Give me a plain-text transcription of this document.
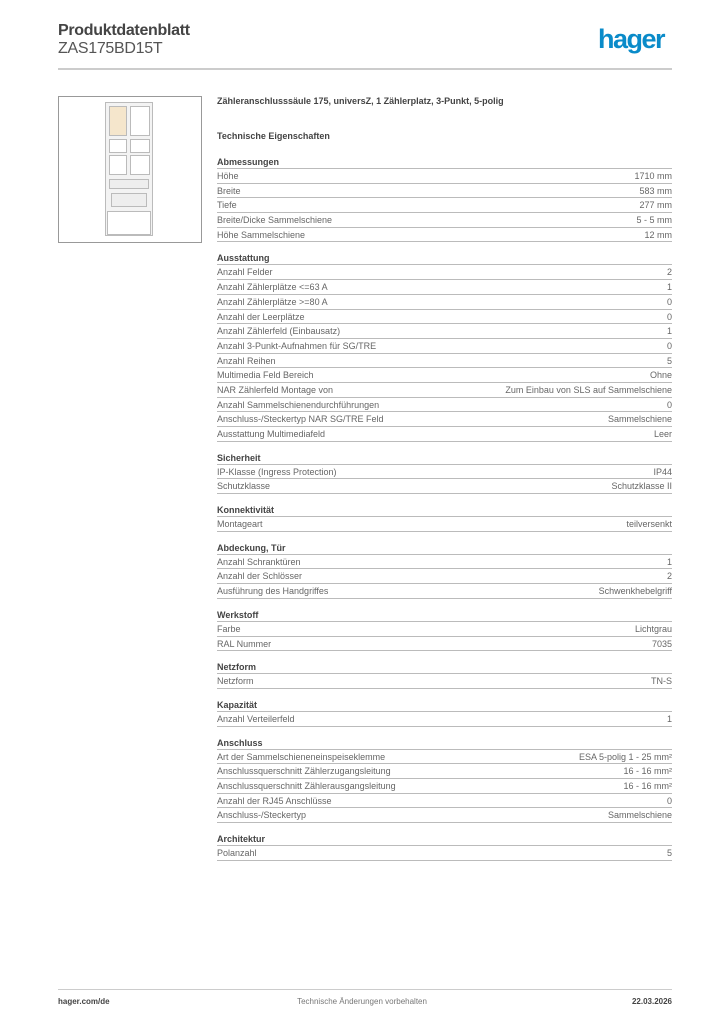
Produktdatenblatt
ZAS175BD15T	hager
Zähleranschlusssäule 175, universZ, 1 Zählerplatz, 3-Punkt, 5-polig
Technische Eigenschaften
Abmessungen
Höhe	1710 mm
Breite	583 mm
Tiefe	277 mm
Breite/Dicke Sammelschiene	5 - 5 mm
Höhe Sammelschiene	12 mm
Ausstattung
Anzahl Felder	2
Anzahl Zählerplätze <=63 A	1
Anzahl Zählerplätze >=80 A	0
Anzahl der Leerplätze	0
Anzahl Zählerfeld (Einbausatz)	1
Anzahl 3-Punkt-Aufnahmen für SG/TRE	0
Anzahl Reihen	5
Multimedia Feld Bereich	Ohne
NAR Zählerfeld Montage von	Zum Einbau von SLS auf Sammelschiene
Anzahl Sammelschienendurchführungen	0
Anschluss-/Steckertyp NAR SG/TRE Feld	Sammelschiene
Ausstattung Multimediafeld	Leer
Sicherheit
IP-Klasse (Ingress Protection)	IP44
Schutzklasse	Schutzklasse II
Konnektivität
Montageart	teilversenkt
Abdeckung, Tür
Anzahl Schranktüren	1
Anzahl der Schlösser	2
Ausführung des Handgriffes	Schwenkhebelgriff
Werkstoff
Farbe	Lichtgrau
RAL Nummer	7035
Netzform
Netzform	TN-S
Kapazität
Anzahl Verteilerfeld	1
Anschluss
Art der Sammelschieneneinspeiseklemme	ESA 5-polig 1 - 25 mm²
Anschlussquerschnitt Zählerzugangsleitung	16 - 16 mm²
Anschlussquerschnitt Zählerausgangsleitung	16 - 16 mm²
Anzahl der RJ45 Anschlüsse	0
Anschluss-/Steckertyp	Sammelschiene
Architektur
Polanzahl	5
hager.com/de	Technische Änderungen vorbehalten	22.03.2026
